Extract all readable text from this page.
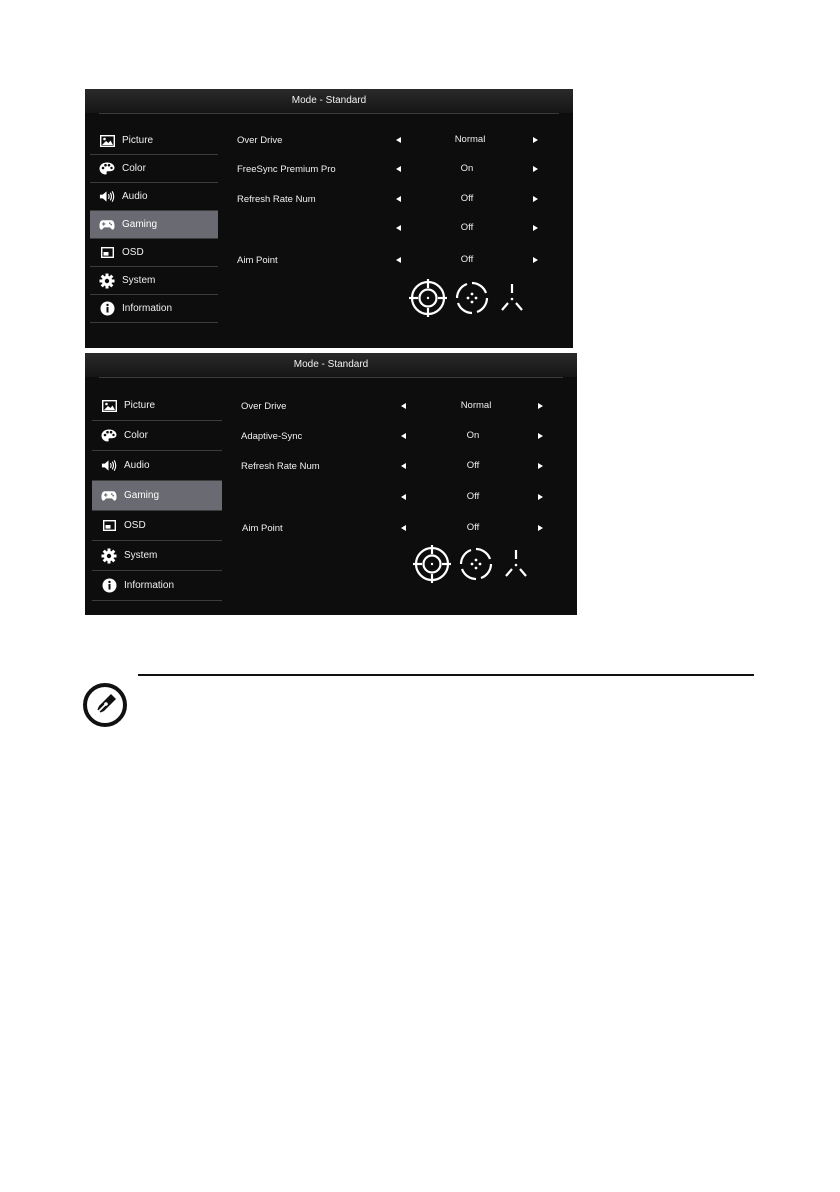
Mode - Standard
Picture
Color
Audio
Gaming
OSD
System
Information
Over Drive	Normal
FreeSync Premium Pro	On
Refresh Rate Num	Off
Off
Aim Point	Off
Mode - Standard
Picture
Color
Audio
Gaming
OSD
System
Information
Over Drive	Normal
Adaptive-Sync	On
Refresh Rate Num	Off
Off
Aim Point	Off
